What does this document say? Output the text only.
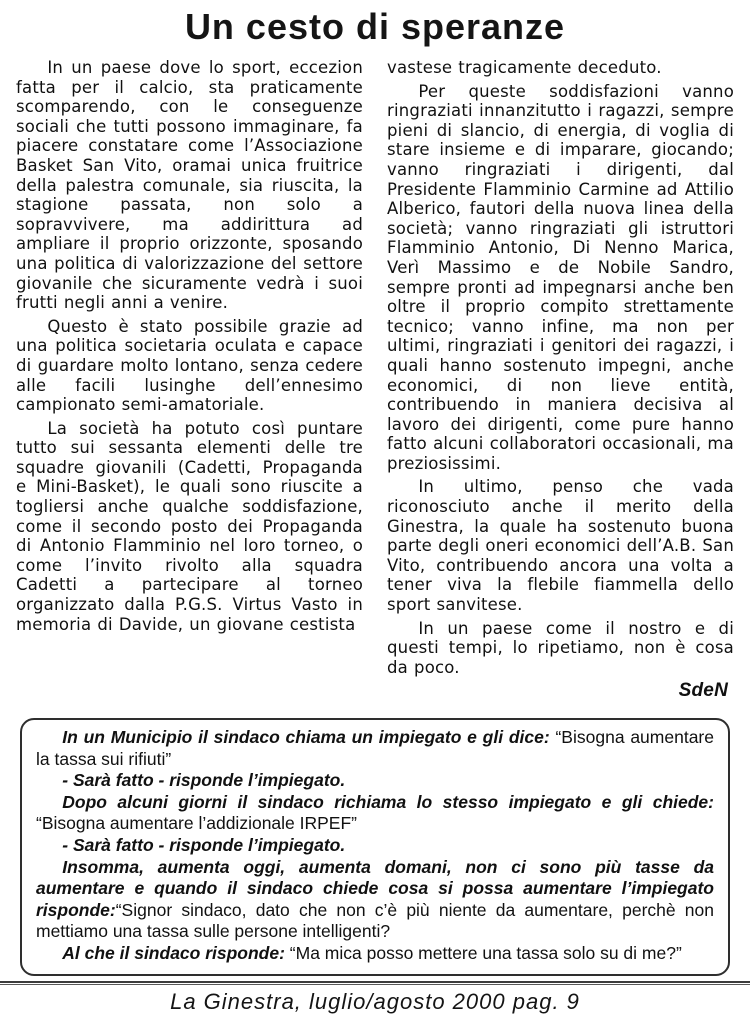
Un cesto di speranze

In un paese dove lo sport, eccezion fatta per il calcio, sta praticamente scomparendo, con le conseguenze sociali che tutti possono immaginare, fa piacere constatare come l’Associazione Basket San Vito, oramai unica fruitrice della palestra comunale, sia riuscita, la stagione passata, non solo a sopravvivere, ma addirittura ad ampliare il proprio orizzonte, sposando una politica di valorizzazione del settore giovanile che sicuramente vedrà i suoi frutti negli anni a venire.

Questo è stato possibile grazie ad una politica societaria oculata e capace di guardare molto lontano, senza cedere alle facili lusinghe dell’ennesimo campionato semi-amatoriale.

La società ha potuto così puntare tutto sui sessanta elementi delle tre squadre giovanili (Cadetti, Propaganda e Mini-Basket), le quali sono riuscite a togliersi anche qualche soddisfazione, come il secondo posto dei Propaganda di Antonio Flamminio nel loro torneo, o come l’invito rivolto alla squadra Cadetti a partecipare al torneo organizzato dalla P.G.S. Virtus Vasto in memoria di Davide, un giovane cestista

vastese tragicamente deceduto.

Per queste soddisfazioni vanno ringraziati innanzitutto i ragazzi, sempre pieni di slancio, di energia, di voglia di stare insieme e di imparare, giocando; vanno ringraziati i dirigenti, dal Presidente Flamminio Carmine ad Attilio Alberico, fautori della nuova linea della società; vanno ringraziati gli istruttori Flamminio Antonio, Di Nenno Marica, Verì Massimo e de Nobile Sandro, sempre pronti ad impegnarsi anche ben oltre il proprio compito strettamente tecnico; vanno infine, ma non per ultimi, ringraziati i genitori dei ragazzi, i quali hanno sostenuto impegni, anche economici, di non lieve entità, contribuendo in maniera decisiva al lavoro dei dirigenti, come pure hanno fatto alcuni collaboratori occasionali, ma preziosissimi.

In ultimo, penso che vada riconosciuto anche il merito della Ginestra, la quale ha sostenuto buona parte degli oneri economici dell’A.B. San Vito, contribuendo ancora una volta a tener viva la flebile fiammella dello sport sanvitese.

In un paese come il nostro e di questi tempi, lo ripetiamo, non è cosa da poco.

SdeN

In un Municipio il sindaco chiama un impiegato e gli dice: “Bisogna aumentare la tassa sui rifiuti”

- Sarà fatto - risponde l’impiegato.

Dopo alcuni giorni il sindaco richiama lo stesso impiegato e gli chiede: “Bisogna aumentare l’addizionale IRPEF”

- Sarà fatto - risponde l’impiegato.

Insomma, aumenta oggi, aumenta domani, non ci sono più tasse da aumentare e quando il sindaco chiede cosa si possa aumentare l’impiegato risponde:“Signor sindaco, dato che non c’è più niente da aumentare, perchè non mettiamo una tassa sulle persone intelligenti?

Al che il sindaco risponde: “Ma mica posso mettere una tassa solo su di me?”

La Ginestra, luglio/agosto 2000 pag. 9
